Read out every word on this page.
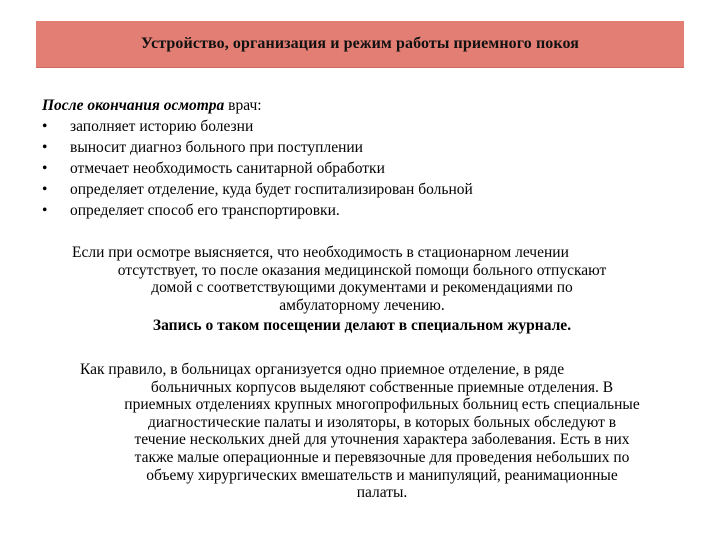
Устройство, организация и режим работы приемного покоя
После окончания осмотра врач:
• заполняет историю болезни
• выносит диагноз больного при поступлении
• отмечает необходимость санитарной обработки
• определяет отделение, куда будет госпитализирован больной
• определяет способ его транспортировки.
Если при осмотре выясняется, что необходимость в стационарном лечении
отсутствует, то после оказания медицинской помощи больного отпускают
домой с соответствующими документами и рекомендациями по
амбулаторному лечению.
Запись о таком посещении делают в специальном журнале.
Как правило, в больницах организуется одно приемное отделение, в ряде
больничных корпусов выделяют собственные приемные отделения. В
приемных отделениях крупных многопрофильных больниц есть специальные
диагностические палаты и изоляторы, в которых больных обследуют в
течение нескольких дней для уточнения характера заболевания. Есть в них
также малые операционные и перевязочные для проведения небольших по
объему хирургических вмешательств и манипуляций, реанимационные
палаты.
